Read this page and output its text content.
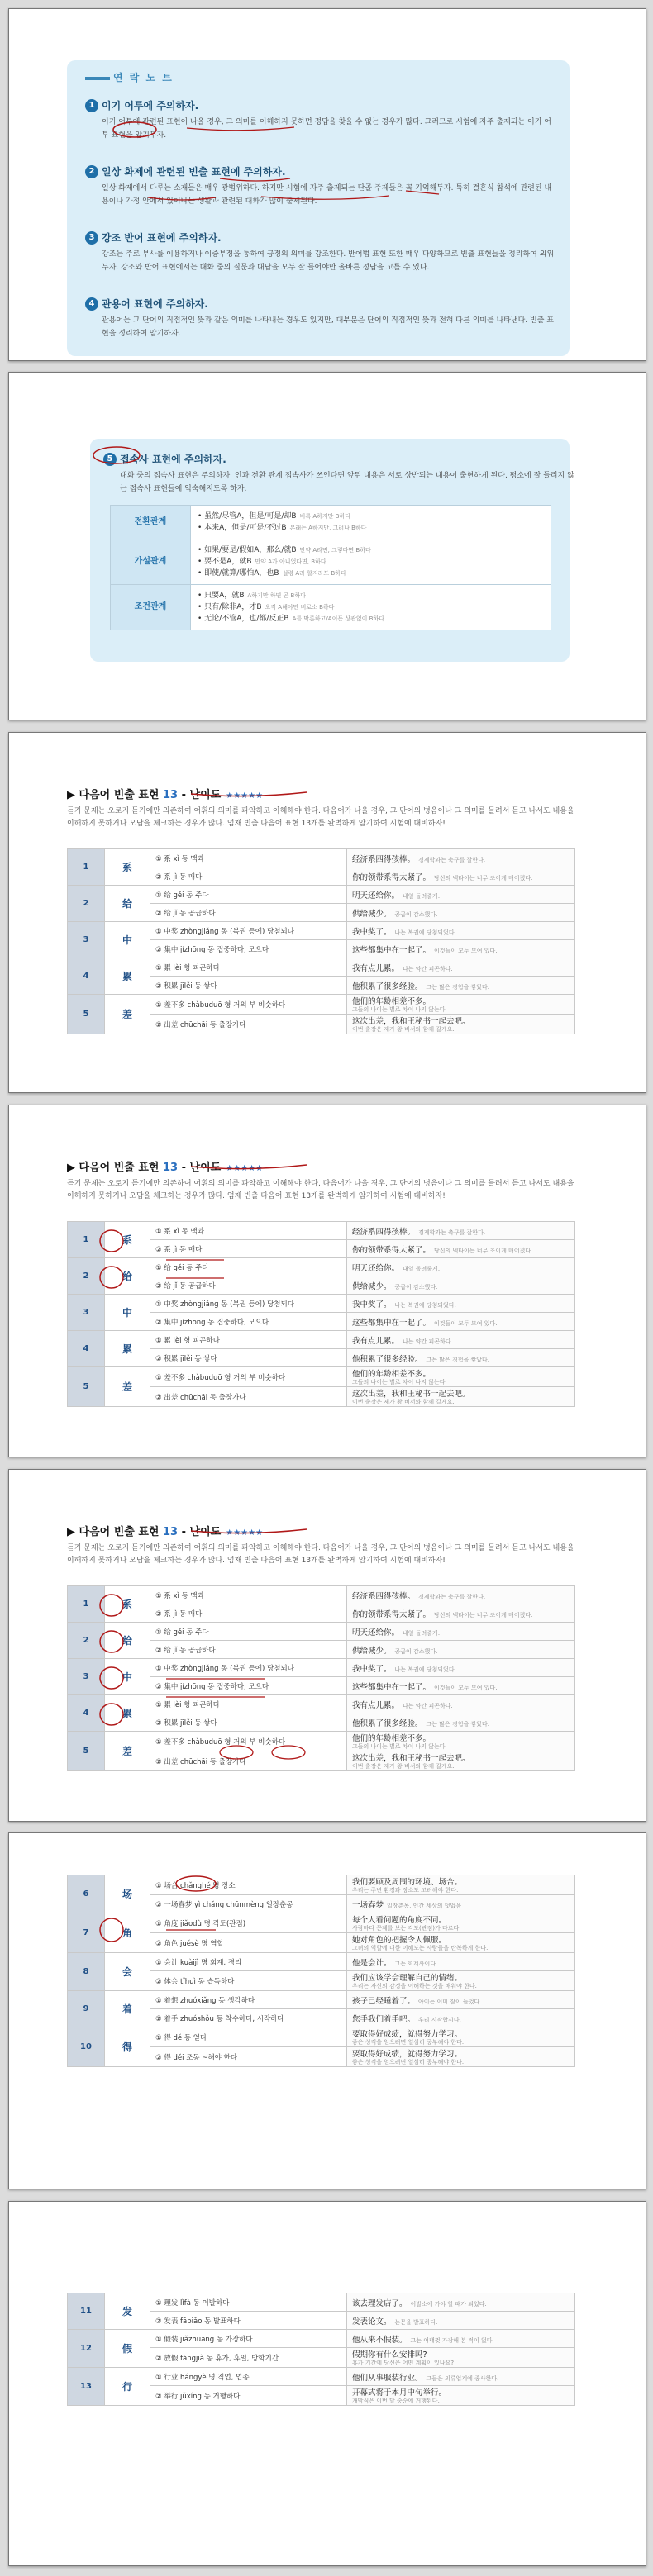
연 락 노 트
1 이기 어투에 주의하자.
이기 어투에 관련된 표현이 나올 경우, 그 의미를 이해하지 못하면 정답을 찾을 수 없는 경우가 많다. 그러므로 시험에 자주 출제되는 이기 어투 표현을 암기두자.
2 일상 화제에 관련된 빈출 표현에 주의하자.
일상 화제에서 다루는 소재들은 매우 광범위하다. 하지만 시험에 자주 출제되는 단골 주제들은 꼭 기억해두자. 특히 결혼식 참석에 관련된 내용이나 가정 안에서 있어나는 생활과 관련된 대화가 많이 출제된다.
3 강조 반어 표현에 주의하자.
강조는 주로 부사를 이용하거나 이중부정을 통하여 긍정의 의미를 강조한다. 반어법 표현 또한 매우 다양하므로 빈출 표현들을 정리하여 외워두자. 강조와 반어 표현에서는 대화 중의 질문과 대답을 모두 잘 들어야만 올바른 정답을 고를 수 있다.
4 관용어 표현에 주의하자.
관용어는 그 단어의 직접적인 뜻과 같은 의미를 나타내는 경우도 있지만, 대부분은 단어의 직접적인 뜻과 전혀 다른 의미를 나타낸다. 빈출 표현을 정리하여 암기하자.
5 접속사 표현에 주의하자.
대화 중의 접속사 표현은 주의하자. 인과 전환 관계 접속사가 쓰인다면 앞뒤 내용은 서로 상반되는 내용이 출현하게 된다. 평소에 잘 들리지 않는 접속사 표현들에 익숙해지도록 하자.
전환관계	• 虽然/尽管A，但是/可是/却B 비록 A하지만 B하다
• 本来A，但是/可是/不过B 본래는 A하지만, 그러나 B하다

가설관계	• 如果/要是/假如A，那么/就B 만약 A라면, 그렇다면 B하다
• 要不是A，就B 만약 A가 아니었다면, B하다
• 即使/就算/哪怕A，也B 설령 A라 할지라도 B하다

조건관계	• 只要A，就B A하기만 하면 곧 B하다
• 只有/除非A，才B 오직 A해야만 비로소 B하다
• 无论/不管A，也/都/反正B A를 막론하고/A이든 상관없이 B하다
▶ 다음어 빈출 표현 13 - 난이도 ★★★★★
듣기 문제는 오로지 듣기에만 의존하여 어휘의 의미를 파악하고 이해해야 한다. 다음어가 나올 경우, 그 단어의 병음이나 그 의미를 들려서 듣고 나서도 내용을 이해하지 못하거나 오답을 체크하는 경우가 많다. 엄재 빈출 다음어 표현 13개를 완벽하게 암기하여 시험에 대비하자!
1	系	① 系 xì 동 맥과	经济系四得孩棒。 경제학과는 축구를 잘한다.
		② 系 jì 동 매다	你的领带系得太紧了。 당신의 넥타이는 너무 조이게 매어졌다.
2	给	① 给 gěi 동 주다	明天还给你。 내일 돌려줄게.
		② 给 jǐ 동 공급하다	供给减少。 공급이 감소했다.
3	中	① 中奖 zhòngjiǎng 동 (복권 등에) 당첨되다	我中奖了。 나는 복권에 당첨되었다.
		② 集中 jízhōng 동 집중하다, 모으다	这些都集中在一起了。 이것들이 모두 모여 있다.
4	累	① 累 lèi 형 피곤하다	我有点儿累。 나는 약간 피곤하다.
		② 积累 jīlěi 동 쌓다	他积累了很多经验。 그는 많은 경험을 쌓았다.
5	差	① 差不多 chàbuduō 형 거의 부 비슷하다	他们的年龄相差不多。
그들의 나이는 별로 차이 나지 않는다.

		② 出差 chūchāi 동 출장가다	这次出差，我和王秘书一起去吧。
이번 출장은 제가 왕 비서와 함께 갈게요.
▶ 다음어 빈출 표현 13 - 난이도 ★★★★★
듣기 문제는 오로지 듣기에만 의존하여 어휘의 의미를 파악하고 이해해야 한다. 다음어가 나올 경우, 그 단어의 병음이나 그 의미를 들려서 듣고 나서도 내용을 이해하지 못하거나 오답을 체크하는 경우가 많다. 엄재 빈출 다음어 표현 13개를 완벽하게 암기하여 시험에 대비하자!
1	系	① 系 xì 동 맥과	经济系四得孩棒。 경제학과는 축구를 잘한다.
		② 系 jì 동 매다	你的领带系得太紧了。 당신의 넥타이는 너무 조이게 매어졌다.
2	给	① 给 gěi 동 주다	明天还给你。 내일 돌려줄게.
		② 给 jǐ 동 공급하다	供给减少。 공급이 감소했다.
3	中	① 中奖 zhòngjiǎng 동 (복권 등에) 당첨되다	我中奖了。 나는 복권에 당첨되었다.
		② 集中 jízhōng 동 집중하다, 모으다	这些都集中在一起了。 이것들이 모두 모여 있다.
4	累	① 累 lèi 형 피곤하다	我有点儿累。 나는 약간 피곤하다.
		② 积累 jīlěi 동 쌓다	他积累了很多经验。 그는 많은 경험을 쌓았다.
5	差	① 差不多 chàbuduō 형 거의 부 비슷하다	他们的年龄相差不多。
그들의 나이는 별로 차이 나지 않는다.

		② 出差 chūchāi 동 출장가다	这次出差，我和王秘书一起去吧。
이번 출장은 제가 왕 비서와 함께 갈게요.
▶ 다음어 빈출 표현 13 - 난이도 ★★★★★
듣기 문제는 오로지 듣기에만 의존하여 어휘의 의미를 파악하고 이해해야 한다. 다음어가 나올 경우, 그 단어의 병음이나 그 의미를 들려서 듣고 나서도 내용을 이해하지 못하거나 오답을 체크하는 경우가 많다. 엄재 빈출 다음어 표현 13개를 완벽하게 암기하여 시험에 대비하자!
1	系	① 系 xì 동 맥과	经济系四得孩棒。 경제학과는 축구를 잘한다.
		② 系 jì 동 매다	你的领带系得太紧了。 당신의 넥타이는 너무 조이게 매어졌다.
2	给	① 给 gěi 동 주다	明天还给你。 내일 돌려줄게.
		② 给 jǐ 동 공급하다	供给减少。 공급이 감소했다.
3	中	① 中奖 zhòngjiǎng 동 (복권 등에) 당첨되다	我中奖了。 나는 복권에 당첨되었다.
		② 集中 jízhōng 동 집중하다, 모으다	这些都集中在一起了。 이것들이 모두 모여 있다.
4	累	① 累 lèi 형 피곤하다	我有点儿累。 나는 약간 피곤하다.
		② 积累 jīlěi 동 쌓다	他积累了很多经验。 그는 많은 경험을 쌓았다.
5	差	① 差不多 chàbuduō 형 거의 부 비슷하다	他们的年龄相差不多。
그들의 나이는 별로 차이 나지 않는다.

		② 出差 chūchāi 동 출장가다	这次出差，我和王秘书一起去吧。
이번 출장은 제가 왕 비서와 함께 갈게요.
6	场	① 场合 chǎnghé 명 장소	我们要顾及周围的环境、场合。
우리는 주변 환경과 장소도 고려해야 한다.

		② 一场春梦 yì chǎng chūnmèng 일장춘몽	一场春梦 일장춘몽, 인간 세상의 덧없음
7	角	① 角度 jiǎodù 명 각도(관점)	每个人看问题的角度不同。
사람마다 문제를 보는 각도(관점)가 다르다.

		② 角色 juésè 명 역할	她对角色的把握令人佩服。
그녀의 역할에 대한 이해도는 사람들을 탄복하게 한다.

8	会	① 会计 kuàijì 명 회계, 경리	他是会计。 그는 회계사이다.
		② 体会 tǐhuì 동 습득하다	我们应该学会理解自己的情绪。
우리는 자신의 감정을 이해하는 것을 배워야 한다.

9	着	① 着想 zhuóxiǎng 동 생각하다	孩子已经睡着了。 아이는 이미 잠이 들었다.
		② 着手 zhuóshǒu 동 착수하다, 시작하다	您手我们着手吧。 우리 시작합시다.
10	得	① 得 dé 동 얻다	要取得好成绩，就得努力学习。
좋은 성적을 얻으려면 열심히 공부해야 한다.

		② 得 děi 조동 ~해야 한다	要取得好成绩，就得努力学习。
좋은 성적을 얻으려면 열심히 공부해야 한다.
11	发	① 理发 lǐfà 동 이발하다	该去理发店了。 이발소에 가야 할 때가 되었다.
		② 发表 fābiǎo 동 발표하다	发表论文。 논문을 발표하다.
12	假	① 假装 jiǎzhuāng 동 가장하다	他从来不假装。 그는 여태껏 가장해 본 적이 없다.
		② 放假 fàngjià 동 휴가, 휴일, 방학기간	假期你有什么安排吗?
휴가 기간에 당신은 어떤 계획이 있나요?

13	行	① 行业 hángyè 명 직업, 업종	他们从事服装行业。 그들은 의류업계에 종사한다.
		② 举行 jǔxíng 동 거행하다	开幕式将于本月中旬举行。
개막식은 이번 달 중순에 거행된다.
